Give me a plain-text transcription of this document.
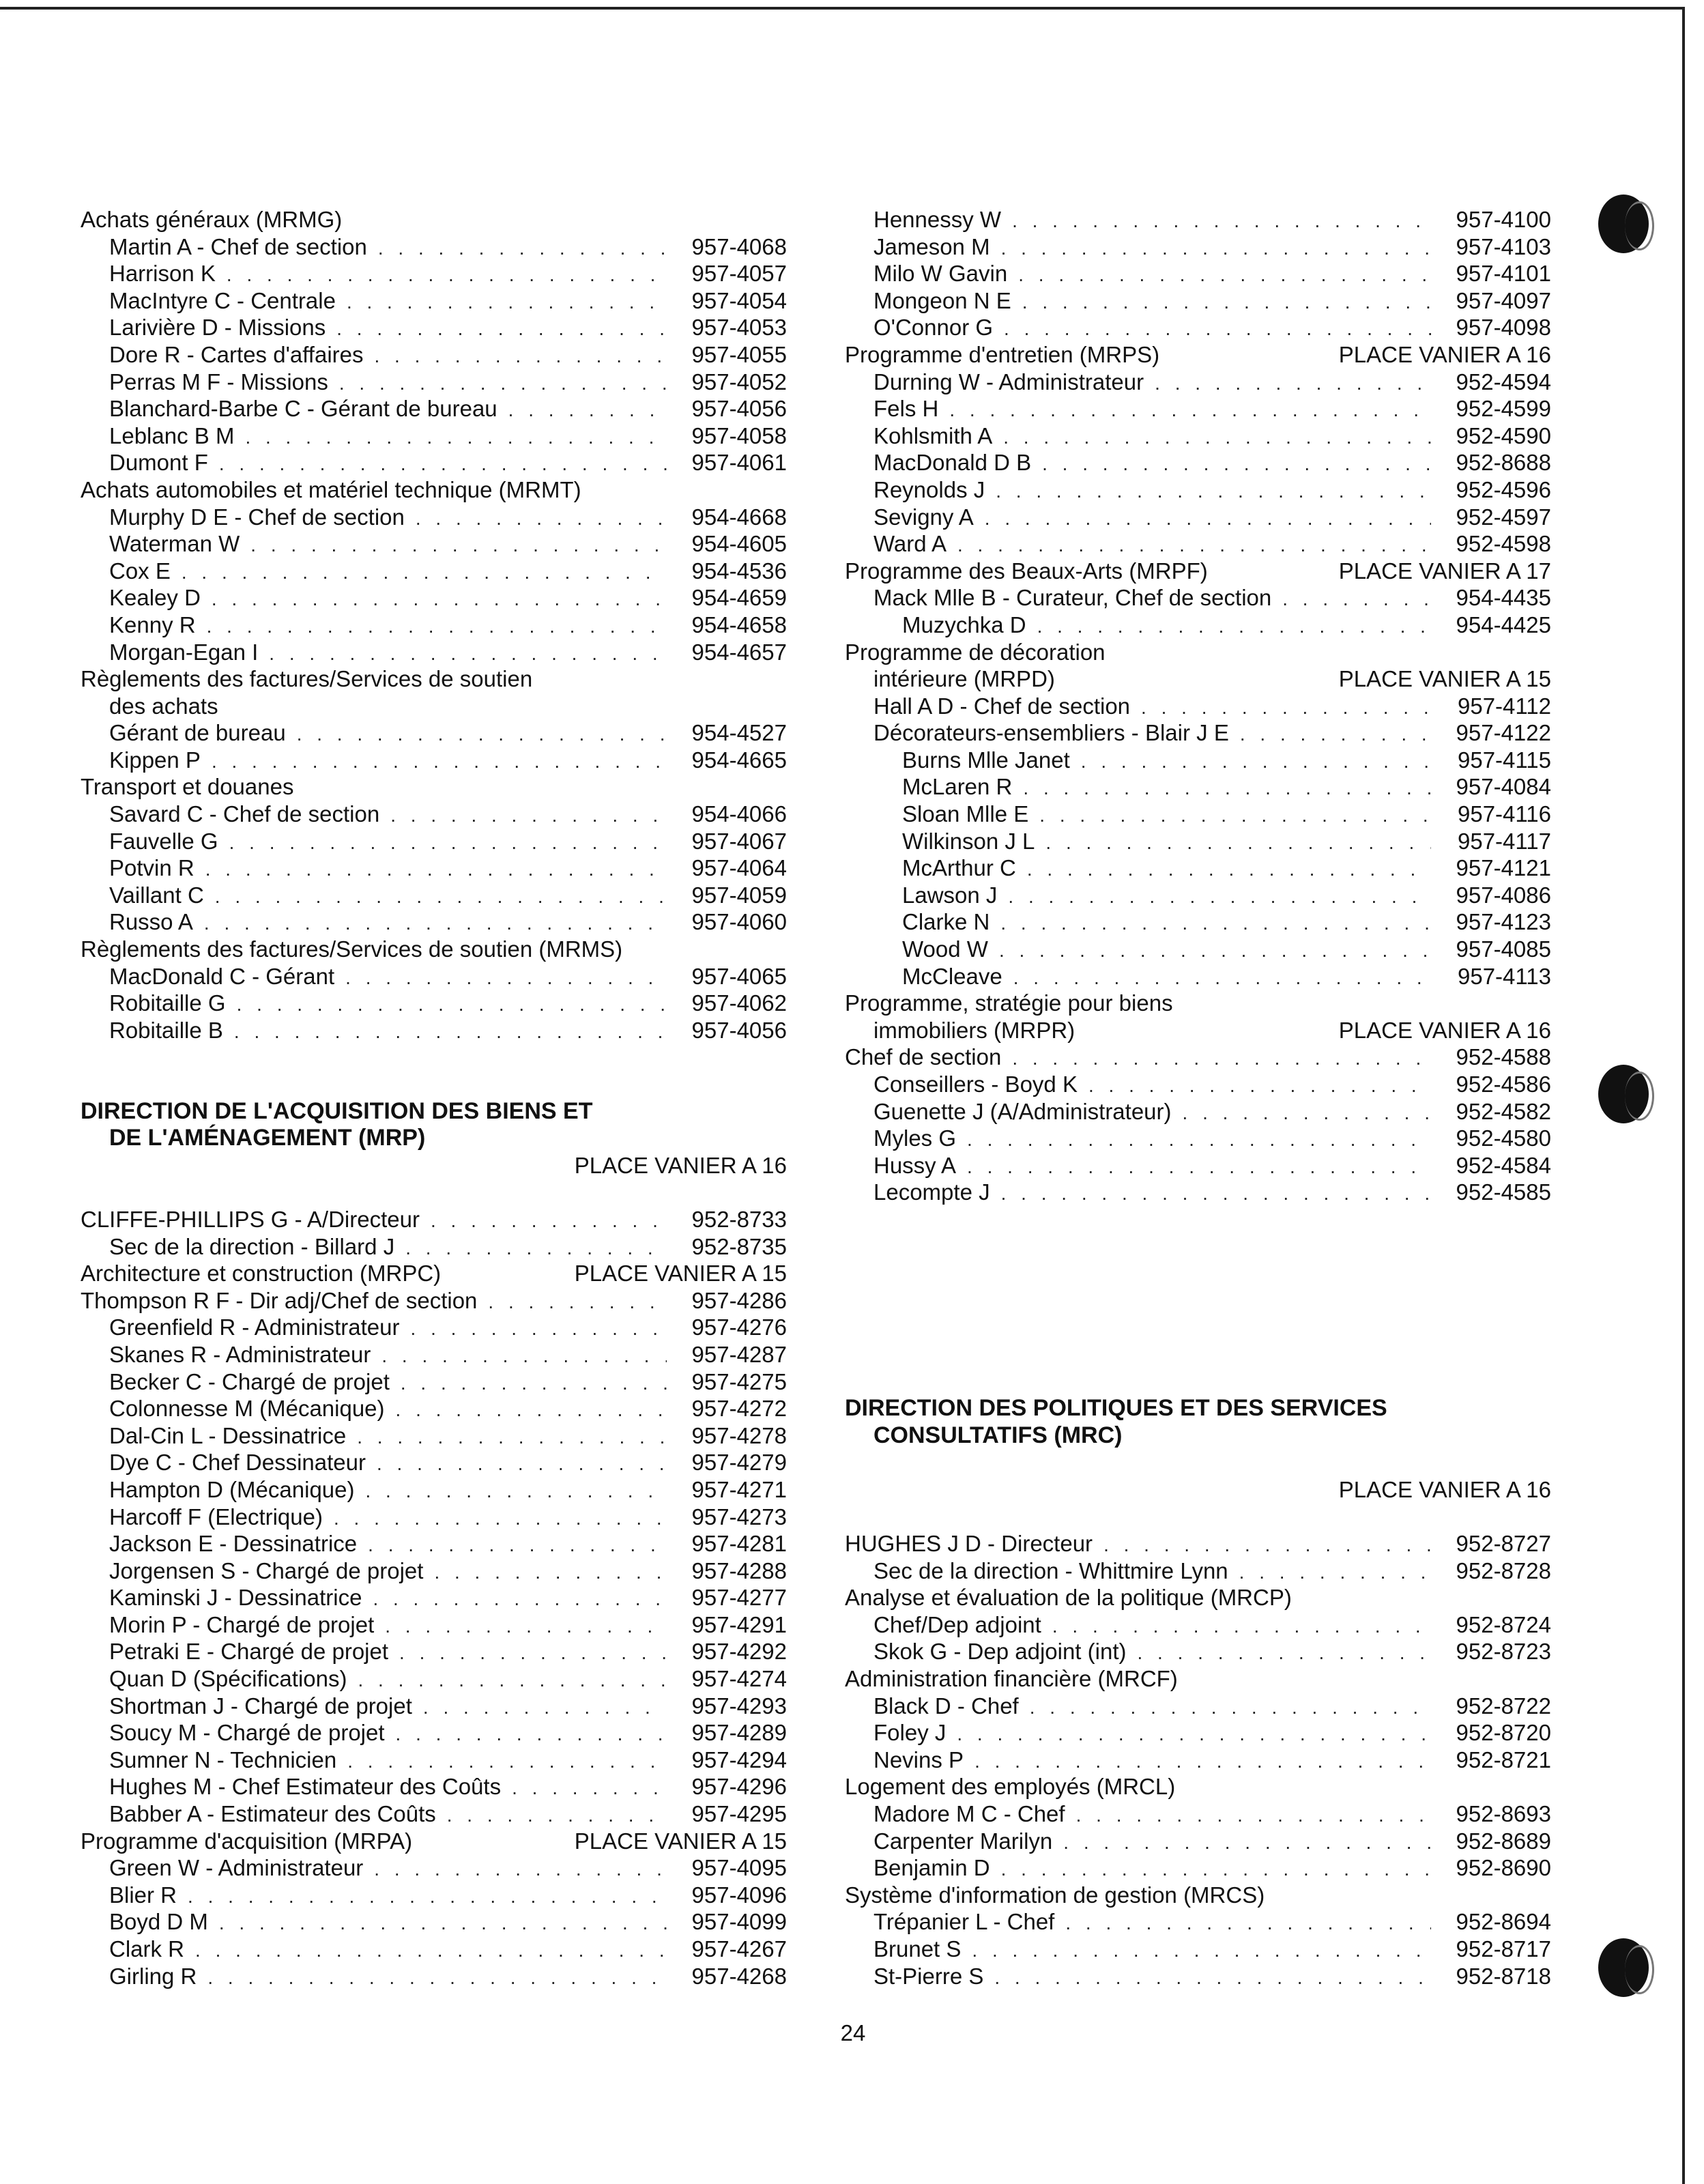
Achats généraux (MRMG)
Martin A - Chef de section . . .	957-4068
Harrison K . . .	957-4057
MacIntyre C - Centrale . . .	957-4054
Larivière D - Missions . . .	957-4053
Dore R - Cartes d'affaires . . .	957-4055
Perras M F - Missions . . .	957-4052
Blanchard-Barbe C - Gérant de bureau . . .	957-4056
Leblanc B M . . .	957-4058
Dumont F . . .	957-4061
Achats automobiles et matériel technique (MRMT)
Murphy D E - Chef de section . . .	954-4668
Waterman W . . .	954-4605
Cox E . . .	954-4536
Kealey D . . .	954-4659
Kenny R . . .	954-4658
Morgan-Egan I . . .	954-4657
Règlements des factures/Services de soutien
des achats
Gérant de bureau . . .	954-4527
Kippen P . . .	954-4665
Transport et douanes
Savard C - Chef de section . . .	954-4066
Fauvelle G . . .	957-4067
Potvin R . . .	957-4064
Vaillant C . . .	957-4059
Russo A . . .	957-4060
Règlements des factures/Services de soutien (MRMS)
MacDonald C - Gérant . . .	957-4065
Robitaille G . . .	957-4062
Robitaille B . . .	957-4056
DIRECTION DE L'ACQUISITION DES BIENS ET
DE L'AMÉNAGEMENT (MRP)
PLACE VANIER A 16
CLIFFE-PHILLIPS G - A/Directeur . . .	952-8733
Sec de la direction - Billard J . . .	952-8735
Architecture et construction (MRPC)	PLACE VANIER A 15
Thompson R F - Dir adj/Chef de section . . .	957-4286
Greenfield R - Administrateur . . .	957-4276
Skanes R - Administrateur . . .	957-4287
Becker C - Chargé de projet . . .	957-4275
Colonnesse M (Mécanique) . . .	957-4272
Dal-Cin L - Dessinatrice . . .	957-4278
Dye C - Chef Dessinateur . . .	957-4279
Hampton D (Mécanique) . . .	957-4271
Harcoff F (Electrique) . . .	957-4273
Jackson E - Dessinatrice . . .	957-4281
Jorgensen S - Chargé de projet . . .	957-4288
Kaminski J - Dessinatrice . . .	957-4277
Morin P - Chargé de projet . . .	957-4291
Petraki E - Chargé de projet . . .	957-4292
Quan D (Spécifications) . . .	957-4274
Shortman J - Chargé de projet . . .	957-4293
Soucy M - Chargé de projet . . .	957-4289
Sumner N - Technicien . . .	957-4294
Hughes M - Chef Estimateur des Coûts . . .	957-4296
Babber A - Estimateur des Coûts . . .	957-4295
Programme d'acquisition (MRPA)	PLACE VANIER A 15
Green W - Administrateur . . .	957-4095
Blier R . . .	957-4096
Boyd D M . . .	957-4099
Clark R . . .	957-4267
Girling R . . .	957-4268
Hennessy W . . .	957-4100
Jameson M . . .	957-4103
Milo W Gavin . . .	957-4101
Mongeon N E . . .	957-4097
O'Connor G . . .	957-4098
Programme d'entretien (MRPS)	PLACE VANIER A 16
Durning W - Administrateur . . .	952-4594
Fels H . . .	952-4599
Kohlsmith A . . .	952-4590
MacDonald D B . . .	952-8688
Reynolds J . . .	952-4596
Sevigny A . . .	952-4597
Ward A . . .	952-4598
Programme des Beaux-Arts (MRPF)	PLACE VANIER A 17
Mack Mlle B - Curateur, Chef de section . . .	954-4435
Muzychka D . . .	954-4425
Programme de décoration
intérieure (MRPD)	PLACE VANIER A 15
Hall A D - Chef de section . . .	957-4112
Décorateurs-ensembliers - Blair J E . . .	957-4122
Burns Mlle Janet . . .	957-4115
McLaren R . . .	957-4084
Sloan Mlle E . . .	957-4116
Wilkinson J L . . .	957-4117
McArthur C . . .	957-4121
Lawson J . . .	957-4086
Clarke N . . .	957-4123
Wood W . . .	957-4085
McCleave . . .	957-4113
Programme, stratégie pour biens
immobiliers (MRPR)	PLACE VANIER A 16
Chef de section . . .	952-4588
Conseillers - Boyd K . . .	952-4586
Guenette J (A/Administrateur) . . .	952-4582
Myles G . . .	952-4580
Hussy A . . .	952-4584
Lecompte J . . .	952-4585
DIRECTION DES POLITIQUES ET DES SERVICES
CONSULTATIFS (MRC)
PLACE VANIER A 16
HUGHES J D - Directeur . . .	952-8727
Sec de la direction - Whittmire Lynn . . .	952-8728
Analyse et évaluation de la politique (MRCP)
Chef/Dep adjoint . . .	952-8724
Skok G - Dep adjoint (int) . . .	952-8723
Administration financière (MRCF)
Black D - Chef . . .	952-8722
Foley J . . .	952-8720
Nevins P . . .	952-8721
Logement des employés (MRCL)
Madore M C - Chef . . .	952-8693
Carpenter Marilyn . . .	952-8689
Benjamin D . . .	952-8690
Système d'information de gestion (MRCS)
Trépanier L - Chef . . .	952-8694
Brunet S . . .	952-8717
St-Pierre S . . .	952-8718
24
